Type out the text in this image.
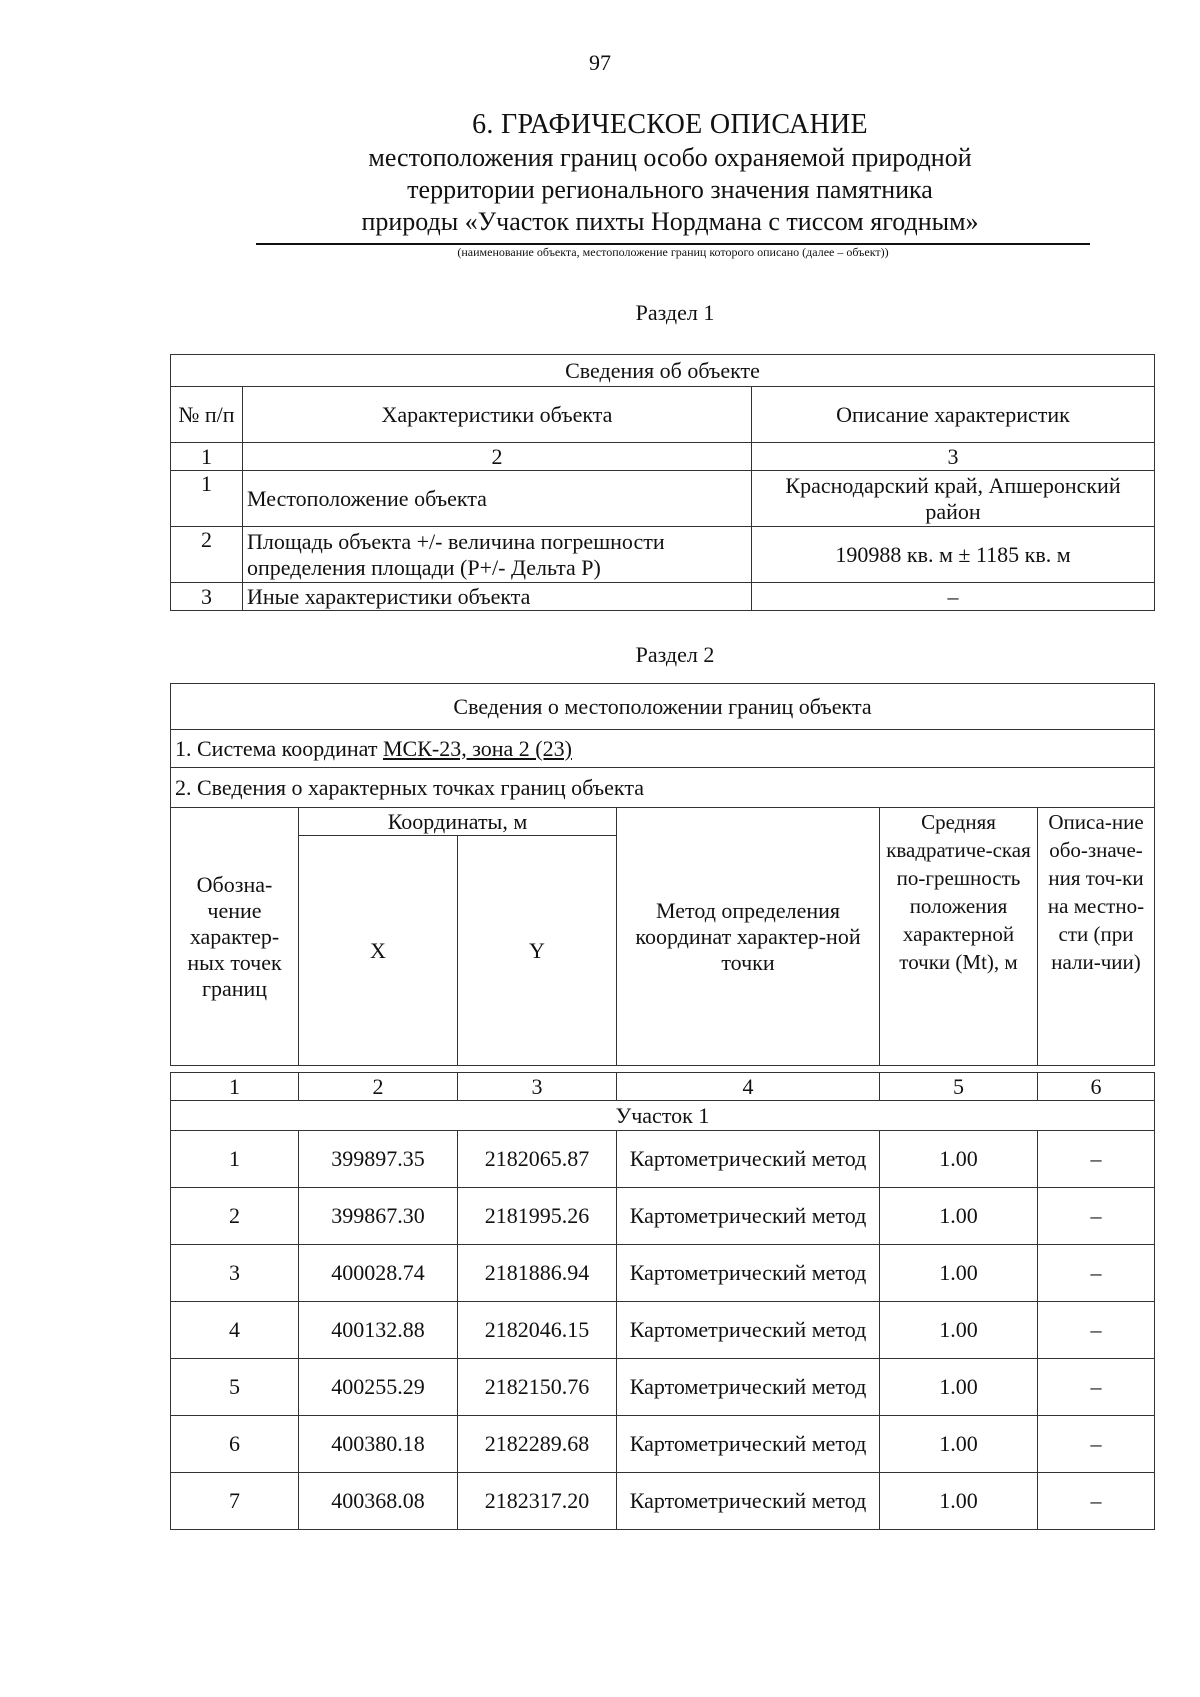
97
6. ГРАФИЧЕСКОЕ ОПИСАНИЕ
местоположения границ особо охраняемой природной
территории регионального значения памятника
природы «Участок пихты Нордмана с тиссом ягодным»
(наименование объекта, местоположение границ которого описано (далее – объект))
Раздел 1
Сведения об объекте		
№ п/п	Характеристики объекта	Описание характеристик
1	2	3
1	Местоположение объекта	Краснодарский край, Апшеронский район
2	Площадь объекта +/- величина погрешности определения площади (Р+/- Дельта Р)	190988 кв. м ± 1185 кв. м
3	Иные характеристики объекта	–
Раздел 2
Сведения о местоположении границ объекта					
1. Система координат МСК-23, зона 2 (23)					
2. Сведения о характерных точках границ объекта					
Обозна-чение характер-ных точек границ	Координаты, м		Метод определения координат характер-ной точки	Средняя квадратиче-ская по-грешность положения характерной точки (Mt), м	Описа-ние обо-значе-ния точ-ки на местно-сти (при нали-чии)
	X	Y			

1	2	3	4	5	6
Участок 1					
1	399897.35	2182065.87	Картометрический метод	1.00	–
2	399867.30	2181995.26	Картометрический метод	1.00	–
3	400028.74	2181886.94	Картометрический метод	1.00	–
4	400132.88	2182046.15	Картометрический метод	1.00	–
5	400255.29	2182150.76	Картометрический метод	1.00	–
6	400380.18	2182289.68	Картометрический метод	1.00	–
7	400368.08	2182317.20	Картометрический метод	1.00	–
